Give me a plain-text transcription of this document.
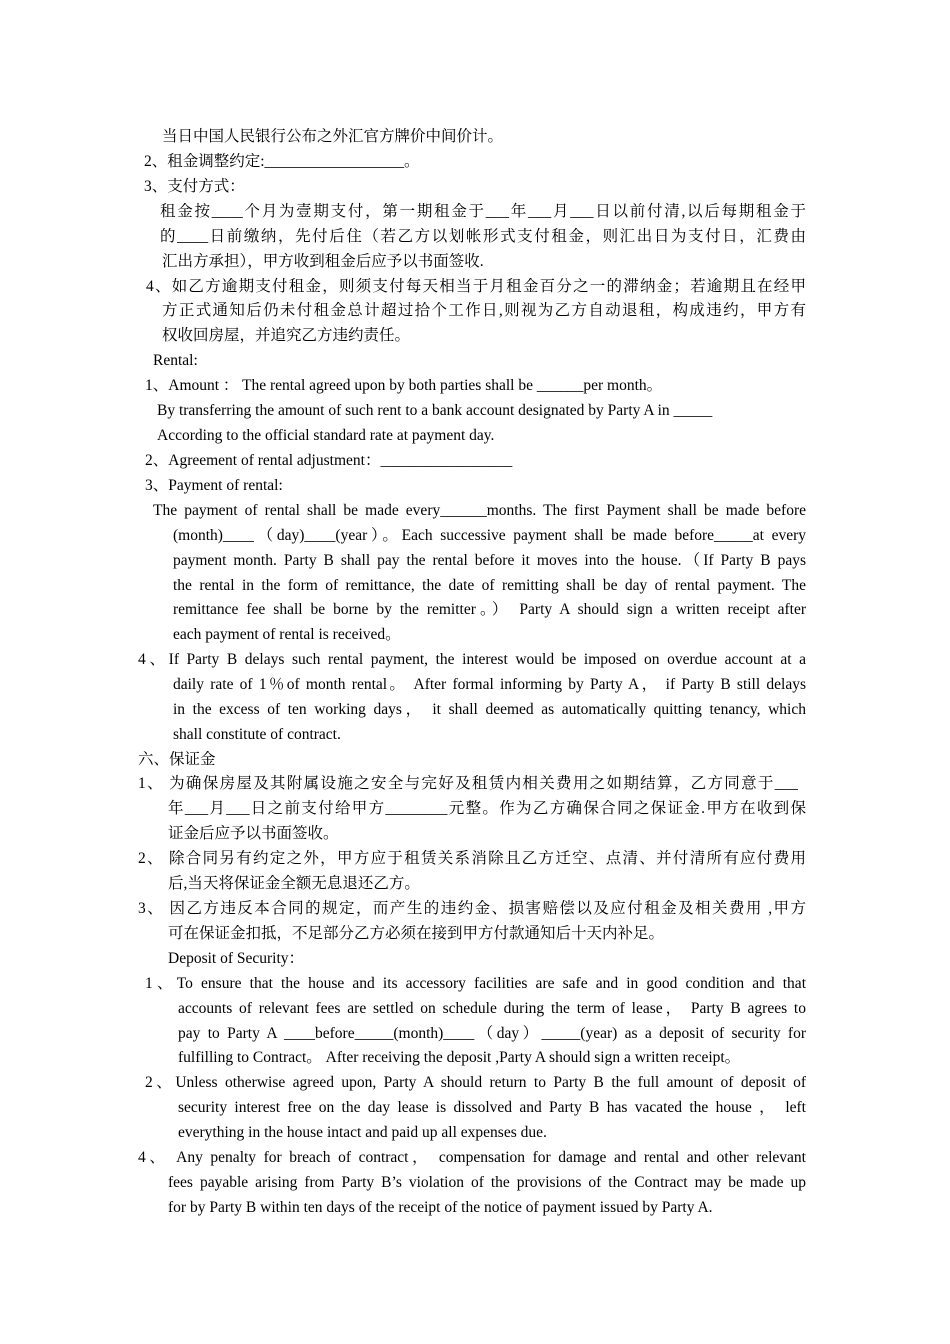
当日中国人民银行公布之外汇官方牌价中间价计。
2、租金调整约定:__________________。
3、支付方式：
租金按____个月为壹期支付，第一期租金于___年___月___日以前付清,以后每期租金于
的____日前缴纳，先付后住（若乙方以划帐形式支付租金，则汇出日为支付日，汇费由
汇出方承担），甲方收到租金后应予以书面签收.
4、如乙方逾期支付租金，则须支付每天相当于月租金百分之一的滞纳金；若逾期且在经甲
方正式通知后仍未付租金总计超过拾个工作日,则视为乙方自动退租，构成违约，甲方有
权收回房屋，并追究乙方违约责任。
Rental:
1、Amount ： The rental agreed upon by both parties shall be ______per month。
By transferring the amount of such rent to a bank account designated by Party A in _____
According to the official standard rate at payment day.
2、Agreement of rental adjustment：_________________
3、Payment of rental:
The payment of rental shall be made every______months. The first Payment shall be made before
(month)____（day)____(year）。Each successive payment shall be made before_____at every
payment month. Party B shall pay the rental before it moves into the house.（If Party B pays
the rental in the form of remittance, the date of remitting shall be day of rental payment. The
remittance fee shall be borne by the remitter。） Party A should sign a written receipt after
each payment of rental is received。
4、If Party B delays such rental payment, the interest would be imposed on overdue account at a
daily rate of 1％of month rental。 After formal informing by Party A， if Party B still delays
in the excess of ten working days， it shall deemed as automatically quitting tenancy, which
shall constitute of contract.
六、保证金
1、 为确保房屋及其附属设施之安全与完好及租赁内相关费用之如期结算，乙方同意于___
年___月___日之前支付给甲方________元整。作为乙方确保合同之保证金.甲方在收到保
证金后应予以书面签收。
2、 除合同另有约定之外，甲方应于租赁关系消除且乙方迁空、点清、并付清所有应付费用
后,当天将保证金全额无息退还乙方。
3、 因乙方违反本合同的规定，而产生的违约金、损害赔偿以及应付租金及相关费用 ,甲方
可在保证金扣抵，不足部分乙方必须在接到甲方付款通知后十天内补足。
Deposit of Security：
1、To ensure that the house and its accessory facilities are safe and in good condition and that
accounts of relevant fees are settled on schedule during the term of lease， Party B agrees to
pay to Party A ____before_____(month)____（day）_____(year) as a deposit of security for
fulfilling to Contract。 After receiving the deposit ,Party A should sign a written receipt。
2、Unless otherwise agreed upon, Party A should return to Party B the full amount of deposit of
security interest free on the day lease is dissolved and Party B has vacated the house ， left
everything in the house intact and paid up all expenses due.
4、 Any penalty for breach of contract， compensation for damage and rental and other relevant
fees payable arising from Party B’s violation of the provisions of the Contract may be made up
for by Party B within ten days of the receipt of the notice of payment issued by Party A.
